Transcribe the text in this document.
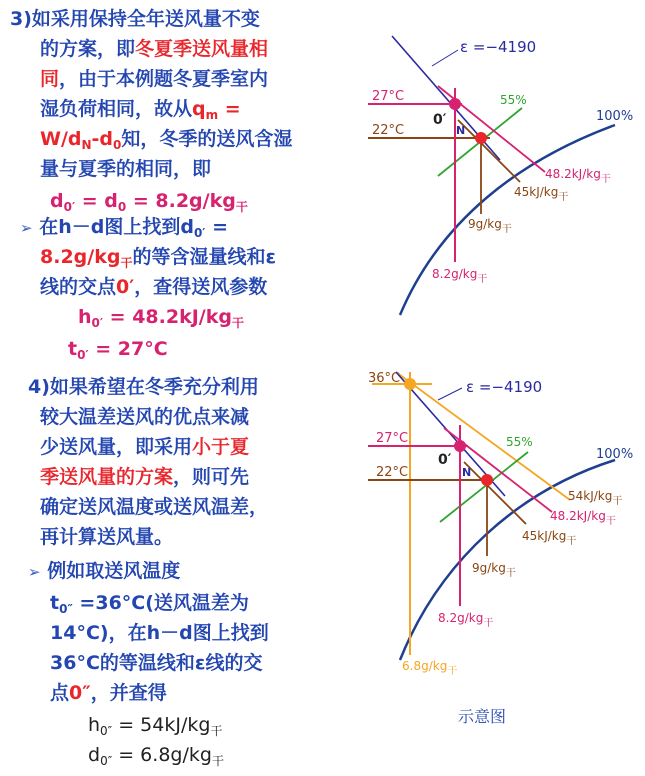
3)如采用保持全年送风量不变
的方案，即冬夏季送风量相
同，由于本例题冬夏季室内
湿负荷相同，故从$q_m$ =
$W/d_N-d_0$知，冬季的送风含湿
量与夏季的相同，即
$d_{0'} = d_0 = 8.2g/kg_干$
➢ 在h－d图上找到$d_{0'}$ =
$8.2g/kg_干$的等含湿量线和ε
线的交点0′，查得送风参数
$h_{0'} = 48.2kJ/kg_干$
$t_{0'} = 27^\circ C$
4)如果希望在冬季充分利用
较大温差送风的优点来减
少送风量，即采用小于夏
季送风量的方案，则可先
确定送风温度或送风温差，
再计算送风量。
➢ 例如取送风温度
$t_{0''} =36^\circ C$(送风温差为
14°C)，在h－d图上找到
36°C的等温线和ε线的交
点0″，并查得
$h_{0''} = 54kJ/kg_干$
$d_{0''} = 6.8g/kg_干$
ε =−4190
27°C
22°C
55%
100%
$8.2g/kg_干$
$9g/kg_干$
$48.2kJ/kg_干$
$45kJ/kg_干$
0′
N
36°C
$6.8g/kg_干$
$54kJ/kg_干$
ε =−4190
27°C
22°C
55%
100%
$8.2g/kg_干$
$9g/kg_干$
$48.2kJ/kg_干$
$45kJ/kg_干$
0′
N
示意图
